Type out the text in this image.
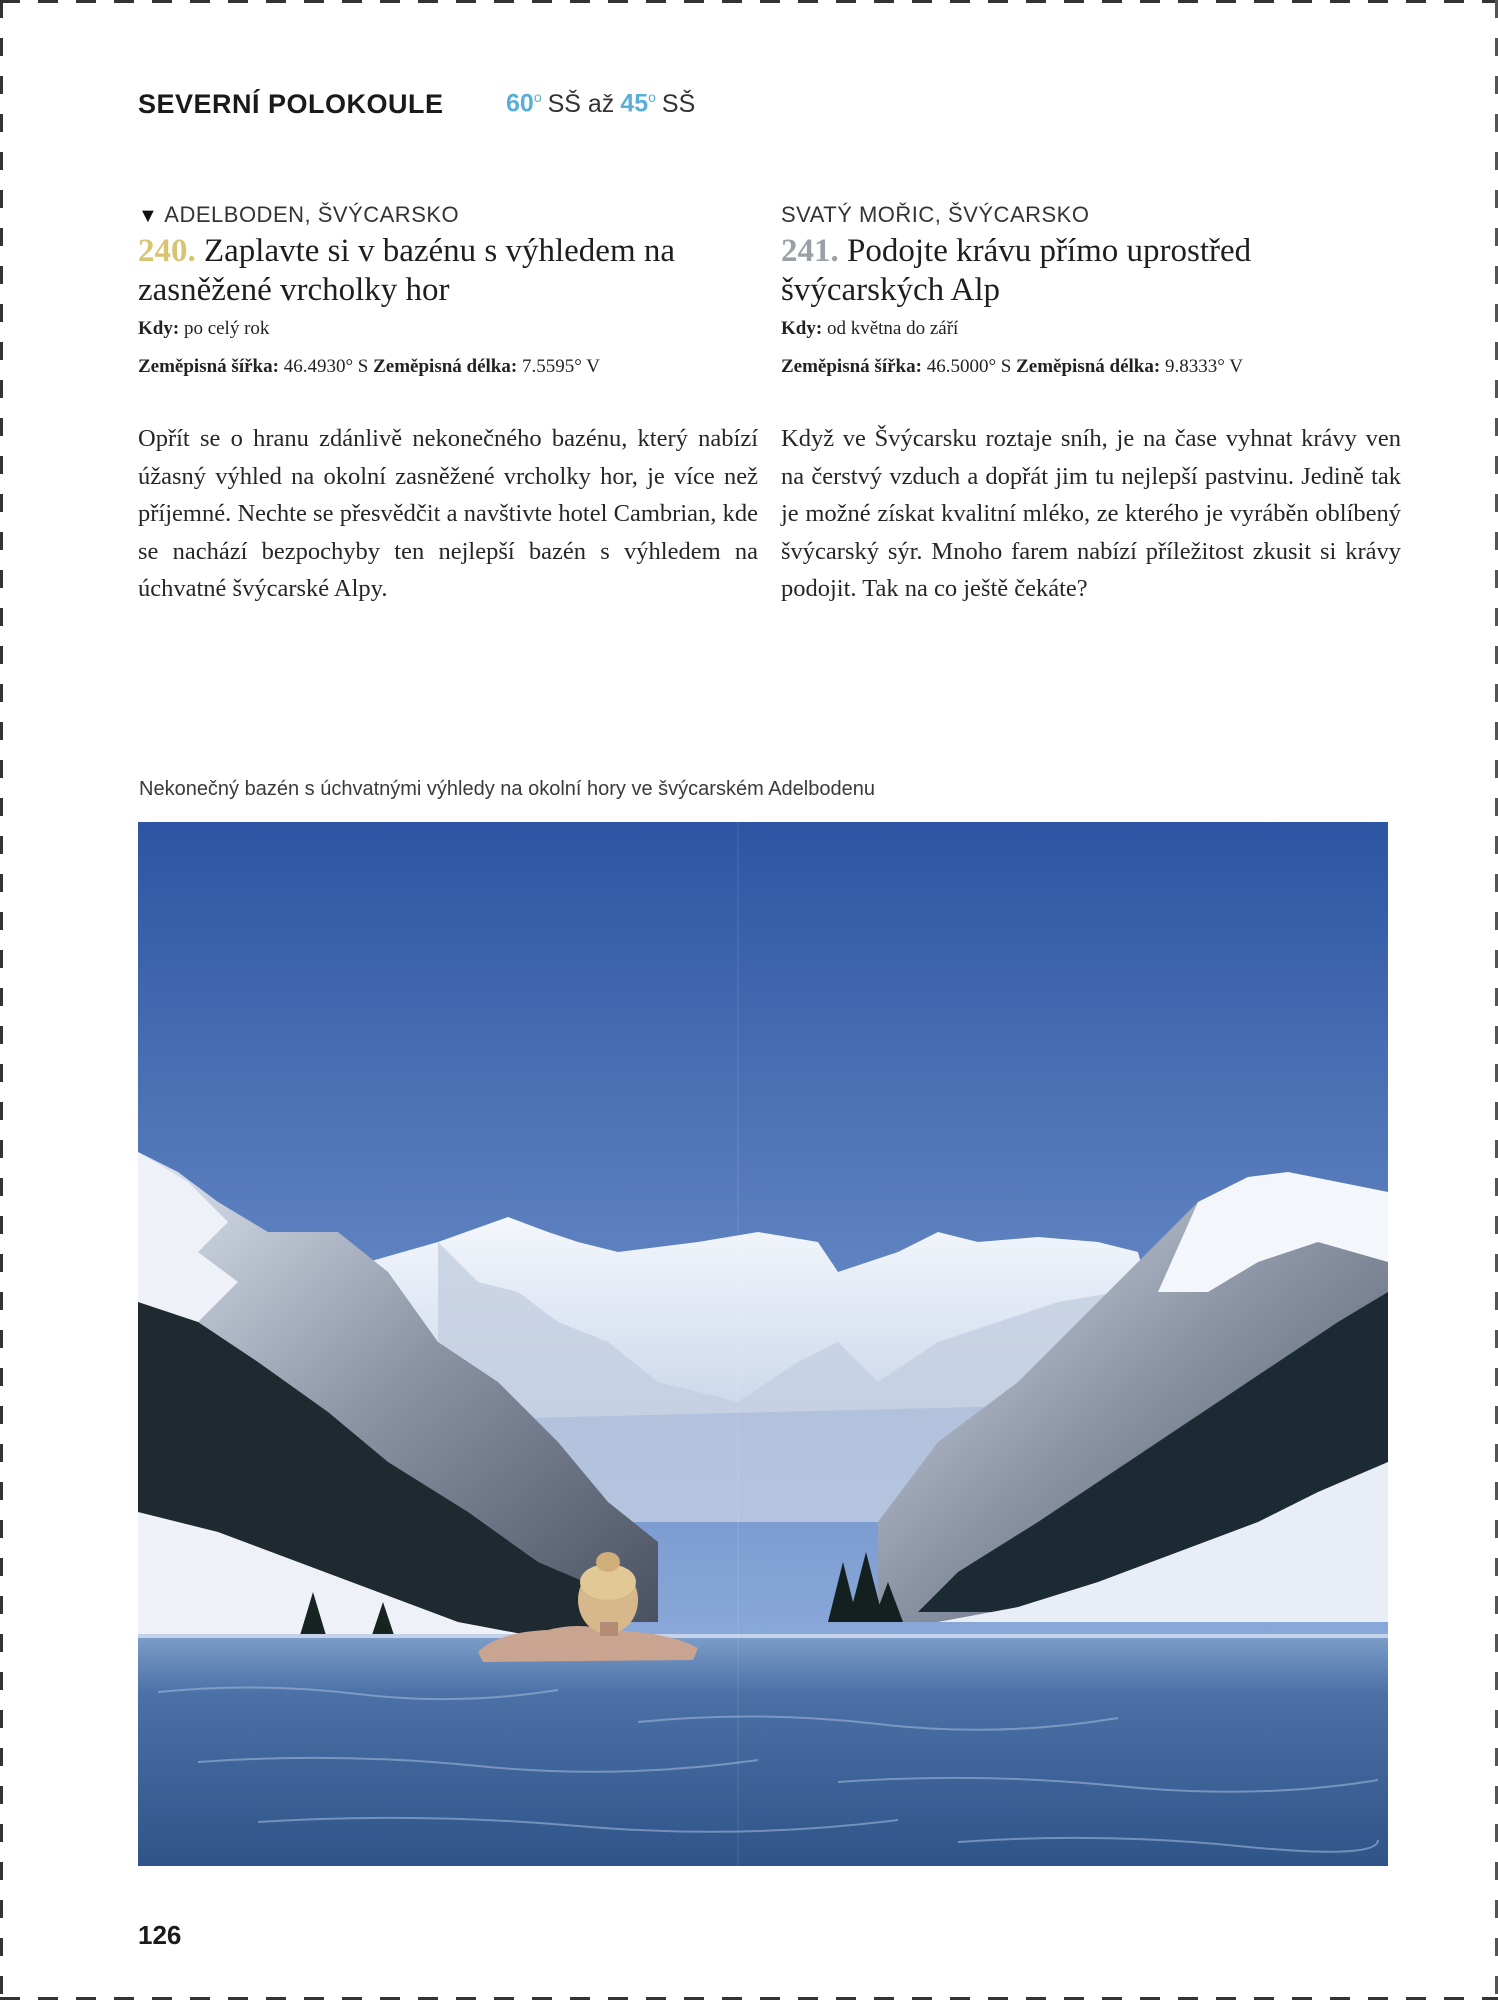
SEVERNÍ POLOKOULE 60$^o$ SŠ až 45$^o$ SŠ
▼ ADELBODEN, ŠVÝCARSKO
240. Zaplavte si v bazénu s výhledem na zasněžené vrcholky hor
Kdy: po celý rok
Zeměpisná šířka: 46.4930° S Zeměpisná délka: 7.5595° V
Opřít se o hranu zdánlivě nekonečného bazénu, který nabízí úžasný výhled na okolní zasněžené vrcholky hor, je více než příjemné. Nechte se přesvědčit a navštivte hotel Cambrian, kde se nachází bezpochyby ten nejlepší bazén s výhledem na úchvatné švýcarské Alpy.
SVATÝ MOŘIC, ŠVÝCARSKO
241. Podojte krávu přímo uprostřed švýcarských Alp
Kdy: od května do září
Zeměpisná šířka: 46.5000° S Zeměpisná délka: 9.8333° V
Když ve Švýcarsku roztaje sníh, je na čase vyhnat krávy ven na čerstvý vzduch a dopřát jim tu nejlepší pastvinu. Jedině tak je možné získat kvalitní mléko, ze kterého je vyráběn oblíbený švýcarský sýr. Mnoho farem nabízí příležitost zkusit si krávy podojit. Tak na co ještě čekáte?
Nekonečný bazén s úchvatnými výhledy na okolní hory ve švýcarském Adelbodenu
126
